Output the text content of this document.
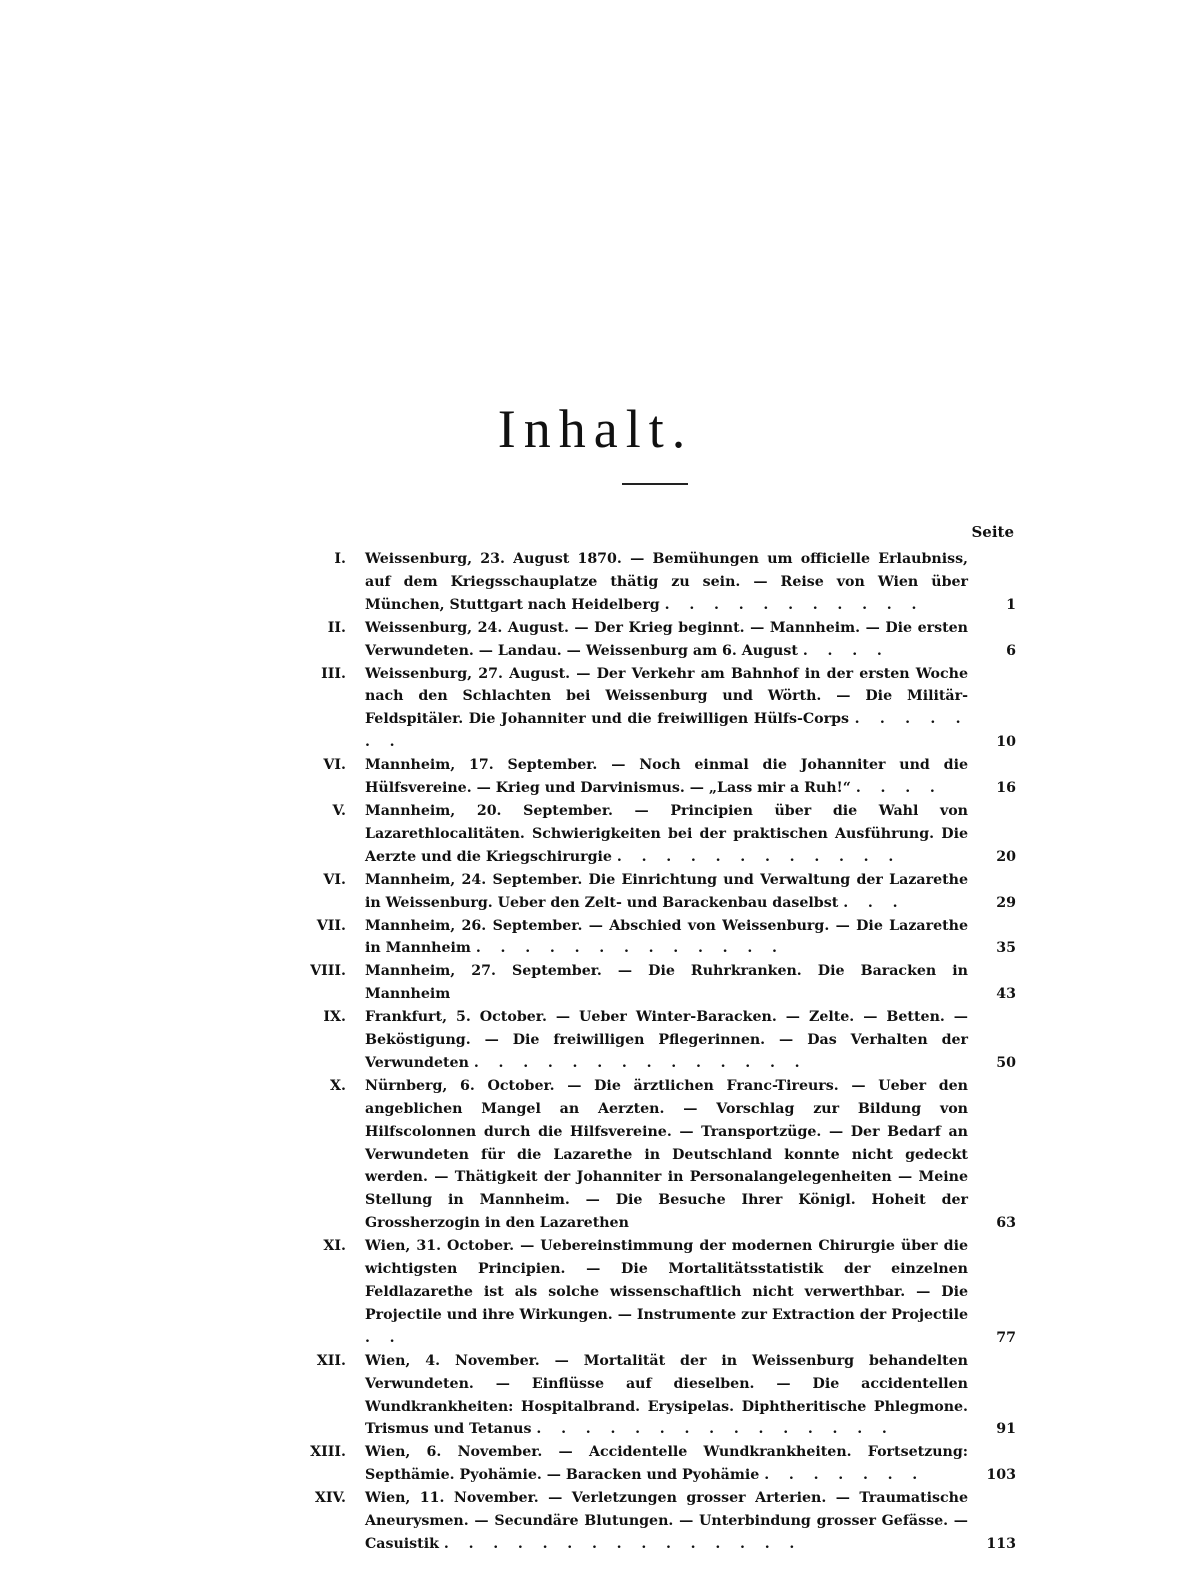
Inhalt.
Seite
I. Weissenburg, 23. August 1870. — Bemühungen um officielle Erlaubniss, auf dem Kriegsschauplatze thätig zu sein. — Reise von Wien über München, Stuttgart nach Heidelberg . . . . . . . . . . .	1
II. Weissenburg, 24. August. — Der Krieg beginnt. — Mannheim. — Die ersten Verwundeten. — Landau. — Weissenburg am 6. August . . . .	6
III. Weissenburg, 27. August. — Der Verkehr am Bahnhof in der ersten Woche nach den Schlachten bei Weissenburg und Wörth. — Die Militär-Feldspitäler. Die Johanniter und die freiwilligen Hülfs-Corps . . . . . . .	10
VI. Mannheim, 17. September. — Noch einmal die Johanniter und die Hülfsvereine. — Krieg und Darvinismus. — „Lass mir a Ruh!“ . . . .	16
V. Mannheim, 20. September. — Principien über die Wahl von Lazarethlocalitäten. Schwierigkeiten bei der praktischen Ausführung. Die Aerzte und die Kriegschirurgie . . . . . . . . . . . .	20
VI. Mannheim, 24. September. Die Einrichtung und Verwaltung der Lazarethe in Weissenburg. Ueber den Zelt- und Barackenbau daselbst . . .	29
VII. Mannheim, 26. September. — Abschied von Weissenburg. — Die Lazarethe in Mannheim . . . . . . . . . . . . .	35
VIII. Mannheim, 27. September. — Die Ruhrkranken. Die Baracken in Mannheim	43
IX. Frankfurt, 5. October. — Ueber Winter-Baracken. — Zelte. — Betten. — Beköstigung. — Die freiwilligen Pflegerinnen. — Das Verhalten der Verwundeten . . . . . . . . . . . . . .	50
X. Nürnberg, 6. October. — Die ärztlichen Franc-Tireurs. — Ueber den angeblichen Mangel an Aerzten. — Vorschlag zur Bildung von Hilfscolonnen durch die Hilfsvereine. — Transportzüge. — Der Bedarf an Verwundeten für die Lazarethe in Deutschland konnte nicht gedeckt werden. — Thätigkeit der Johanniter in Personalangelegenheiten — Meine Stellung in Mannheim. — Die Besuche Ihrer Königl. Hoheit der Grossherzogin in den Lazarethen	63
XI. Wien, 31. October. — Uebereinstimmung der modernen Chirurgie über die wichtigsten Principien. — Die Mortalitätsstatistik der einzelnen Feldlazarethe ist als solche wissenschaftlich nicht verwerthbar. — Die Projectile und ihre Wirkungen. — Instrumente zur Extraction der Projectile . .	77
XII. Wien, 4. November. — Mortalität der in Weissenburg behandelten Verwundeten. — Einflüsse auf dieselben. — Die accidentellen Wundkrankheiten: Hospitalbrand. Erysipelas. Diphtheritische Phlegmone. Trismus und Tetanus . . . . . . . . . . . . . . .	91
XIII. Wien, 6. November. — Accidentelle Wundkrankheiten. Fortsetzung: Septhämie. Pyohämie. — Baracken und Pyohämie . . . . . . .	103
XIV. Wien, 11. November. — Verletzungen grosser Arterien. — Traumatische Aneurysmen. — Secundäre Blutungen. — Unterbindung grosser Gefässe. — Casuistik . . . . . . . . . . . . . . .	113
